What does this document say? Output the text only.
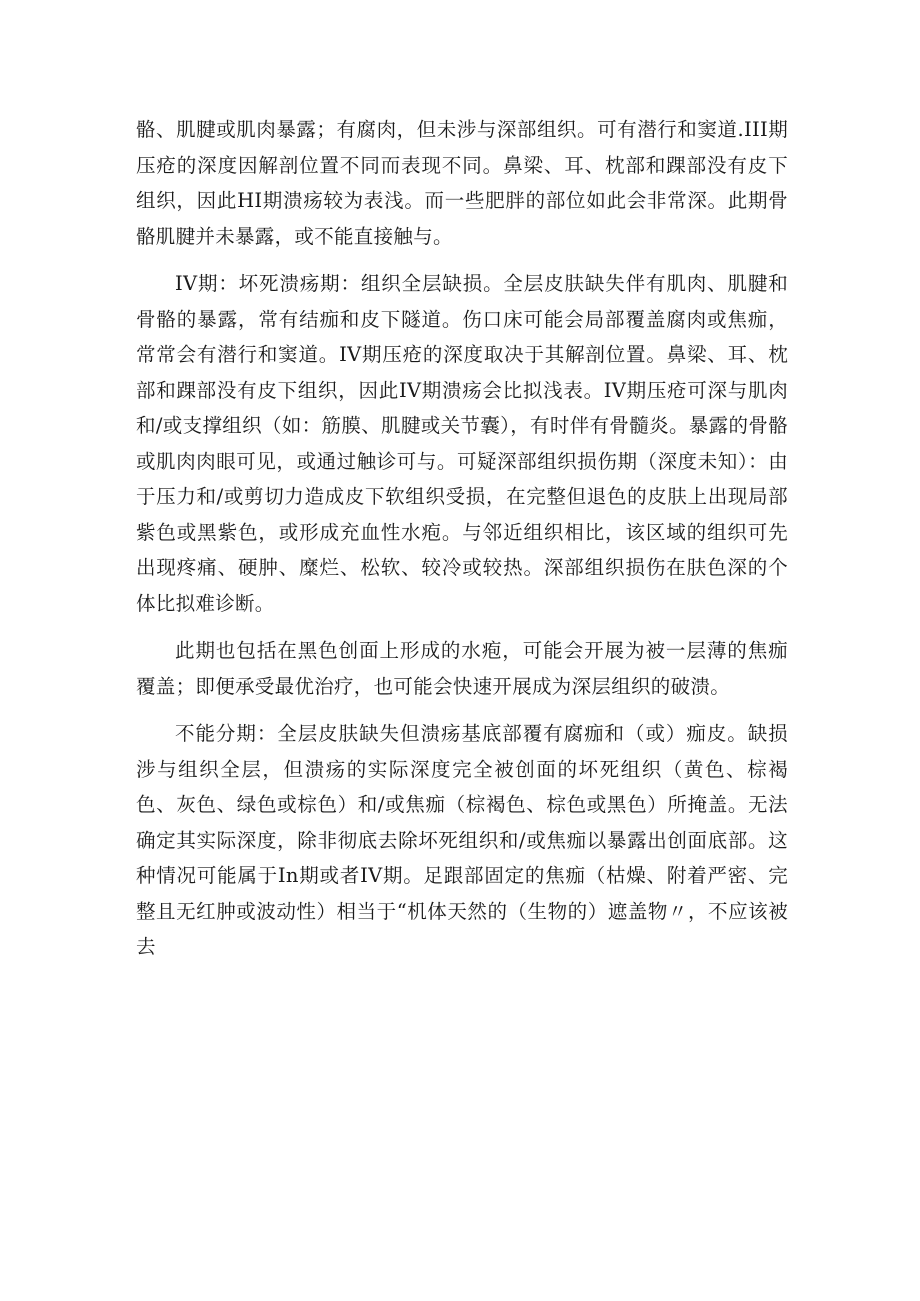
骼、肌腱或肌肉暴露；有腐肉，但未涉与深部组织。可有潜行和窦道.III期压疮的深度因解剖位置不同而表现不同。鼻梁、耳、枕部和踝部没有皮下组织，因此HI期溃疡较为表浅。而一些肥胖的部位如此会非常深。此期骨骼肌腱并未暴露，或不能直接触与。

IV期：坏死溃疡期：组织全层缺损。全层皮肤缺失伴有肌肉、肌腱和骨骼的暴露，常有结痂和皮下隧道。伤口床可能会局部覆盖腐肉或焦痂，常常会有潜行和窦道。IV期压疮的深度取决于其解剖位置。鼻梁、耳、枕部和踝部没有皮下组织，因此IV期溃疡会比拟浅表。IV期压疮可深与肌肉和/或支撑组织（如：筋膜、肌腱或关节囊），有时伴有骨髓炎。暴露的骨骼或肌肉肉眼可见，或通过触诊可与。可疑深部组织损伤期（深度未知）：由于压力和/或剪切力造成皮下软组织受损，在完整但退色的皮肤上出现局部紫色或黑紫色，或形成充血性水疱。与邻近组织相比，该区域的组织可先出现疼痛、硬肿、糜烂、松软、较冷或较热。深部组织损伤在肤色深的个体比拟难诊断。

此期也包括在黑色创面上形成的水疱，可能会开展为被一层薄的焦痂覆盖；即便承受最优治疗，也可能会快速开展成为深层组织的破溃。

不能分期：全层皮肤缺失但溃疡基底部覆有腐痂和（或）痂皮。缺损涉与组织全层，但溃疡的实际深度完全被创面的坏死组织（黄色、棕褐色、灰色、绿色或棕色）和/或焦痂（棕褐色、棕色或黑色）所掩盖。无法确定其实际深度，除非彻底去除坏死组织和/或焦痂以暴露出创面底部。这种情况可能属于In期或者IV期。足跟部固定的焦痂（枯燥、附着严密、完整且无红肿或波动性）相当于“机体天然的（生物的）遮盖物〃，不应该被去
